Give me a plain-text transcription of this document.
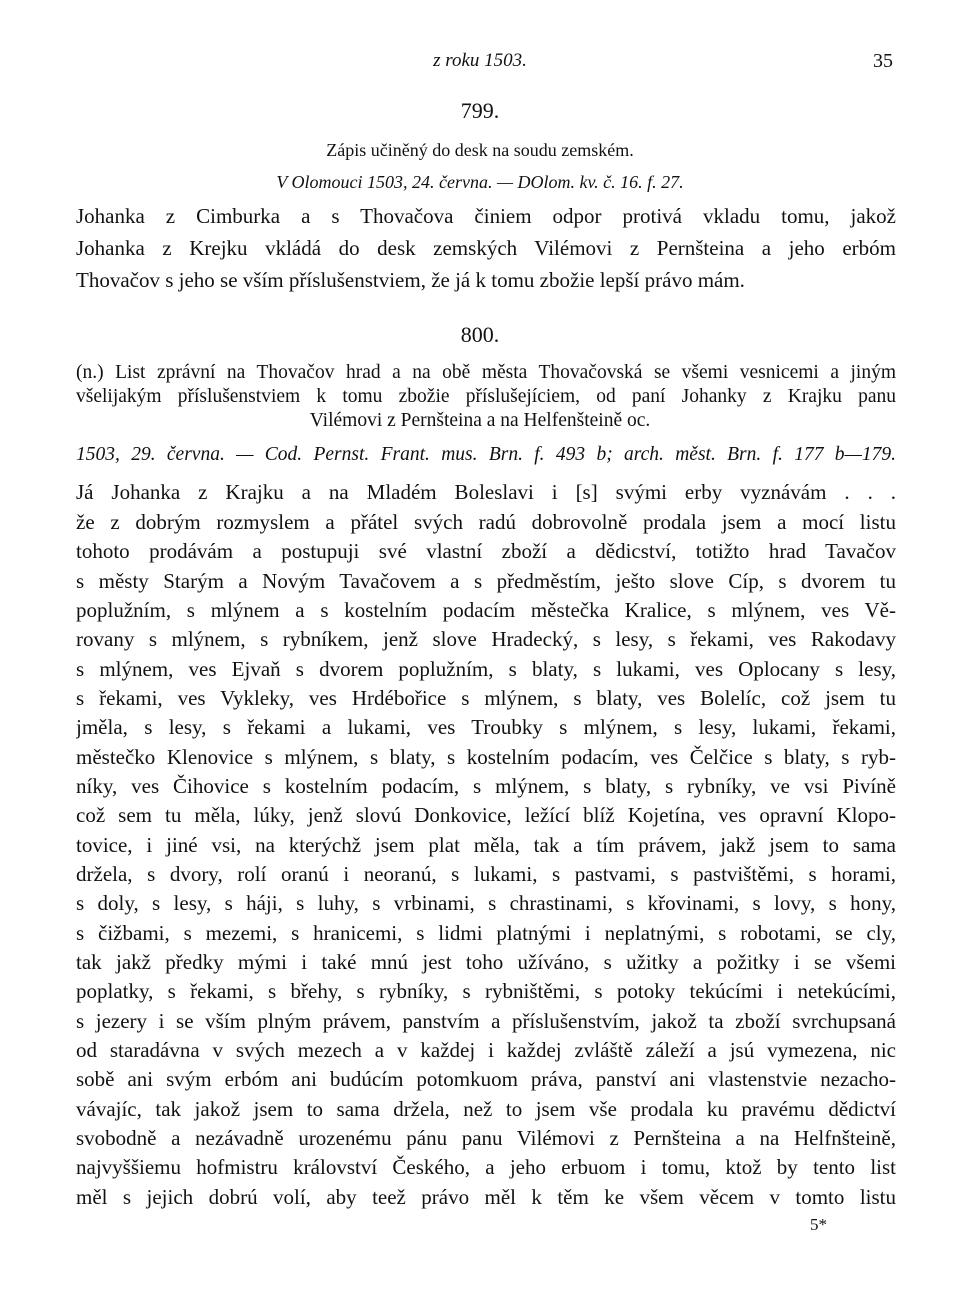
z roku 1503.	35
799.
Zápis učiněný do desk na soudu zemském.
V Olomouci 1503, 24. června. — DOlom. kv. č. 16. f. 27.
Johanka z Cimburka a s Thovačova činiem odpor protivá vkladu tomu, jakož
Johanka z Krejku vkládá do desk zemských Vilémovi z Pernšteina a jeho erbóm
Thovačov s jeho se vším příslušenstviem, že já k tomu zbožie lepší právo mám.
800.
(n.) List zprávní na Thovačov hrad a na obě města Thovačovská se všemi vesnicemi a jiným
všelijakým příslušenstviem k tomu zbožie příslušejíciem, od paní Johanky z Krajku panu
Vilémovi z Pernšteina a na Helfenšteině oc.
1503, 29. června. — Cod. Pernst. Frant. mus. Brn. f. 493 b; arch. měst. Brn. f. 177 b—179.
Já Johanka z Krajku a na Mladém Boleslavi i [s] svými erby vyznávám . . .
že z dobrým rozmyslem a přátel svých radú dobrovolně prodala jsem a mocí listu
tohoto prodávám a postupuji své vlastní zboží a dědicství, totižto hrad Tavačov
s městy Starým a Novým Tavačovem a s předměstím, ješto slove Cíp, s dvorem tu
poplužním, s mlýnem a s kostelním podacím městečka Kralice, s mlýnem, ves Vě-
rovany s mlýnem, s rybníkem, jenž slove Hradecký, s lesy, s řekami, ves Rakodavy
s mlýnem, ves Ejvaň s dvorem poplužním, s blaty, s lukami, ves Oplocany s lesy,
s řekami, ves Vykleky, ves Hrdébořice s mlýnem, s blaty, ves Bolelíc, což jsem tu
jměla, s lesy, s řekami a lukami, ves Troubky s mlýnem, s lesy, lukami, řekami,
městečko Klenovice s mlýnem, s blaty, s kostelním podacím, ves Čelčice s blaty, s ryb-
níky, ves Čihovice s kostelním podacím, s mlýnem, s blaty, s rybníky, ve vsi Pivíně
což sem tu měla, lúky, jenž slovú Donkovice, ležící blíž Kojetína, ves opravní Klopo-
tovice, i jiné vsi, na kterýchž jsem plat měla, tak a tím právem, jakž jsem to sama
držela, s dvory, rolí oranú i neoranú, s lukami, s pastvami, s pastvištěmi, s horami,
s doly, s lesy, s háji, s luhy, s vrbinami, s chrastinami, s křovinami, s lovy, s hony,
s čižbami, s mezemi, s hranicemi, s lidmi platnými i neplatnými, s robotami, se cly,
tak jakž předky mými i také mnú jest toho užíváno, s užitky a požitky i se všemi
poplatky, s řekami, s břehy, s rybníky, s rybništěmi, s potoky tekúcími i netekúcími,
s jezery i se vším plným právem, panstvím a příslušenstvím, jakož ta zboží svrchupsaná
od staradávna v svých mezech a v každej i každej zvláště záleží a jsú vymezena, nic
sobě ani svým erbóm ani budúcím potomkuom práva, panství ani vlastenstvie nezacho-
vávajíc, tak jakož jsem to sama držela, než to jsem vše prodala ku pravému dědictví
svobodně a nezávadně urozenému pánu panu Vilémovi z Pernšteina a na Helfnšteině,
najvyššiemu hofmistru království Českého, a jeho erbuom i tomu, ktož by tento list
měl s jejich dobrú volí, aby teež právo měl k těm ke všem věcem v tomto listu
5*
